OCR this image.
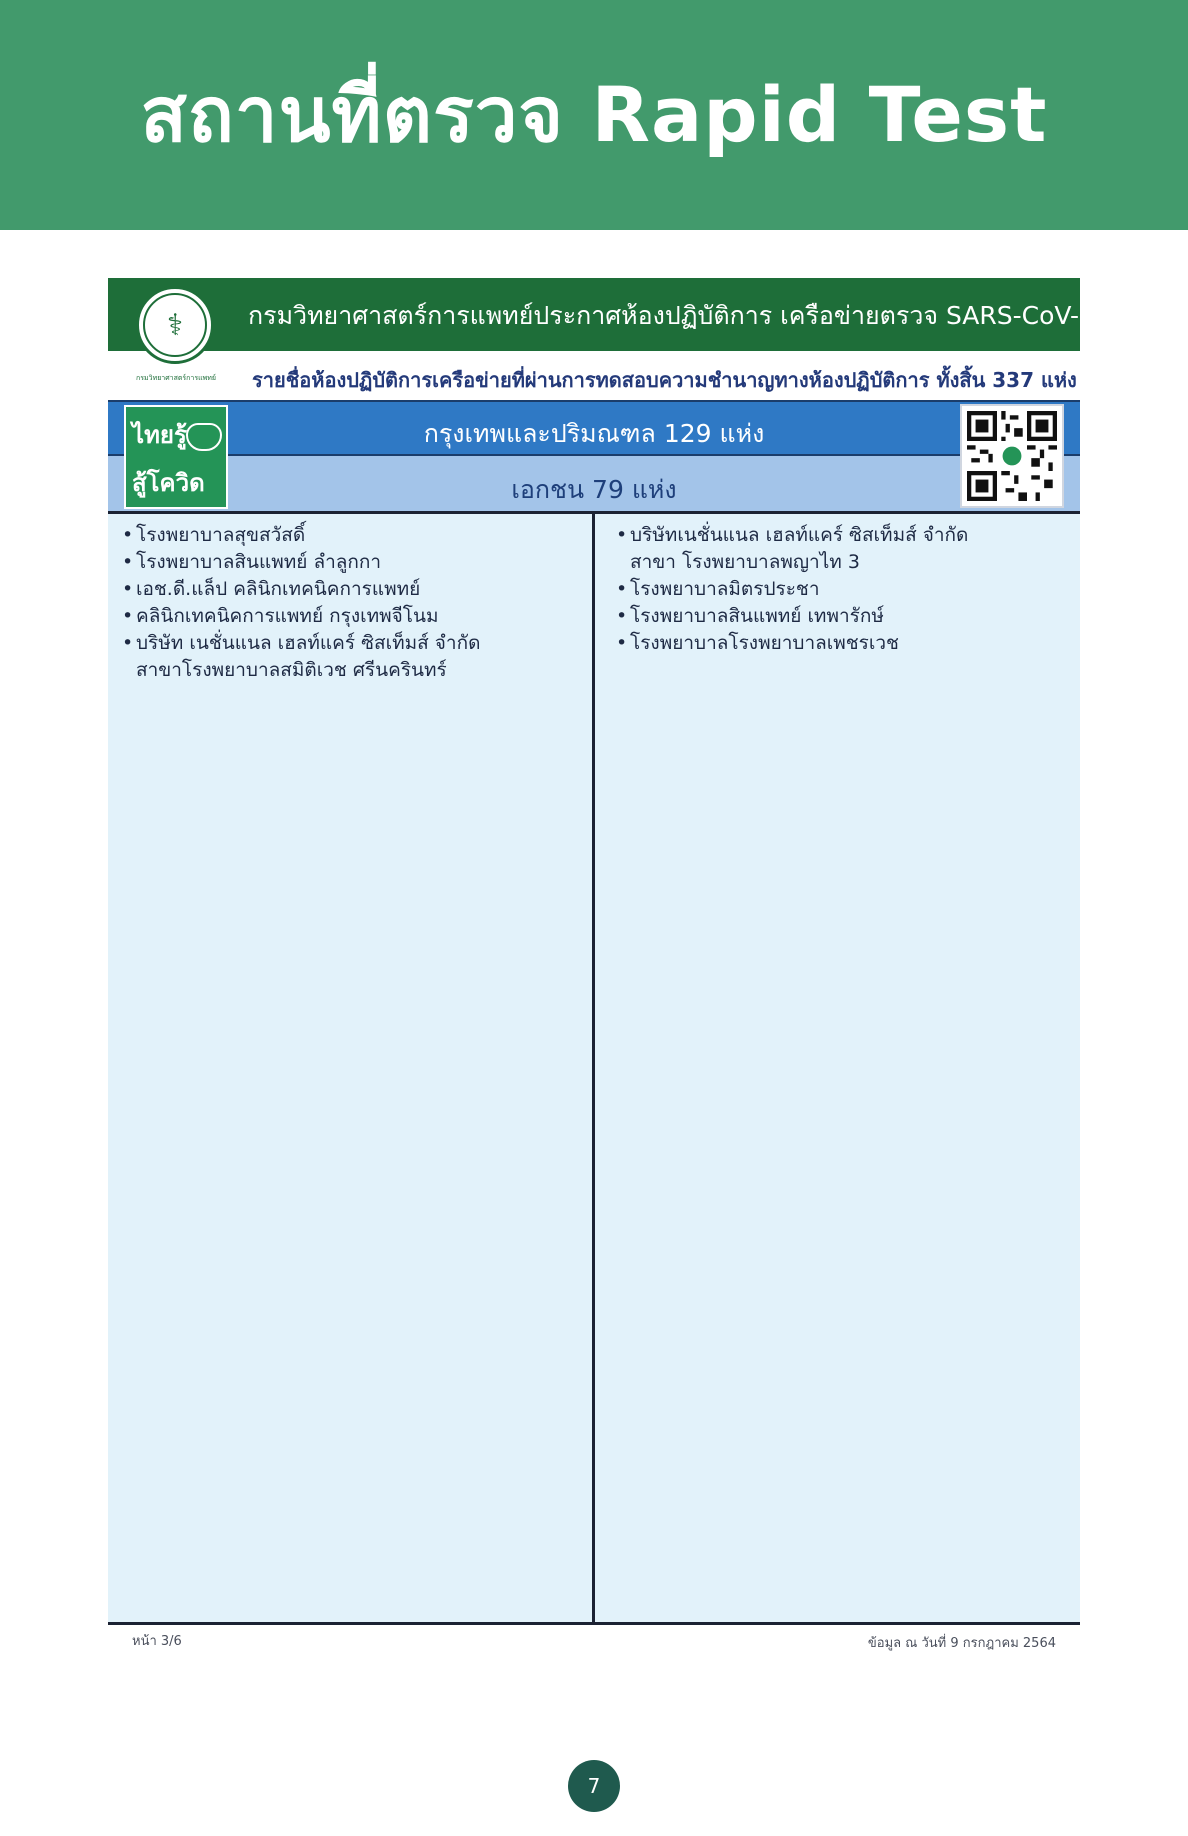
สถานที่ตรวจ Rapid Test
กรมวิทยาศาสตร์การแพทย์ประกาศห้องปฏิบัติการ เครือข่ายตรวจ SARS-CoV-2
⚕
กรมวิทยาศาสตร์การแพทย์	รายชื่อห้องปฏิบัติการเครือข่ายที่ผ่านการทดสอบความชำนาญทางห้องปฏิบัติการ ทั้งสิ้น 337 แห่ง
กรุงเทพและปริมณฑล 129 แห่ง
เอกชน 79 แห่ง
ไทยรู้
สู้โควิด
• โรงพยาบาลสุขสวัสดิ์
• โรงพยาบาลสินแพทย์ ลำลูกกา
• เอช.ดี.แล็ป คลินิกเทคนิคการแพทย์
• คลินิกเทคนิคการแพทย์ กรุงเทพจีโนม
• บริษัท เนชั่นแนล เฮลท์แคร์ ซิสเท็มส์ จำกัด
สาขาโรงพยาบาลสมิติเวช ศรีนครินทร์
• บริษัทเนชั่นแนล เฮลท์แคร์ ซิสเท็มส์ จำกัด
สาขา โรงพยาบาลพญาไท 3
• โรงพยาบาลมิตรประชา
• โรงพยาบาลสินแพทย์ เทพารักษ์
• โรงพยาบาลโรงพยาบาลเพชรเวช
หน้า 3/6	ข้อมูล ณ วันที่ 9 กรกฎาคม 2564
7
